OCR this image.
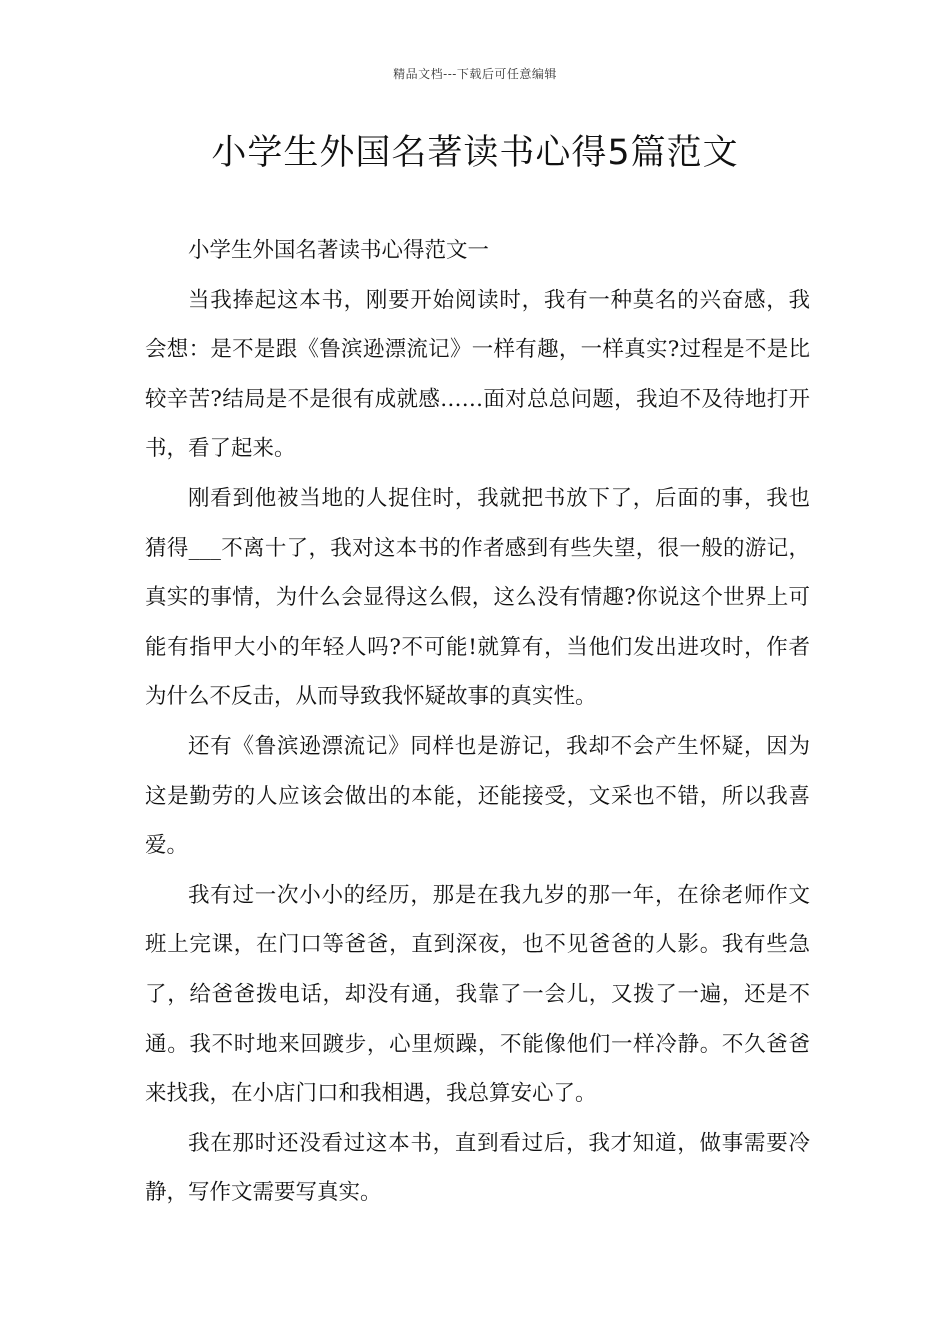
精品文档---下载后可任意编辑
小学生外国名著读书心得5篇范文

小学生外国名著读书心得范文一

当我捧起这本书，刚要开始阅读时，我有一种莫名的兴奋感，我会想：是不是跟《鲁滨逊漂流记》一样有趣，一样真实?过程是不是比较辛苦?结局是不是很有成就感……面对总总问题，我迫不及待地打开书，看了起来。

刚看到他被当地的人捉住时，我就把书放下了，后面的事，我也猜得___不离十了，我对这本书的作者感到有些失望，很一般的游记，真实的事情，为什么会显得这么假，这么没有情趣?你说这个世界上可能有指甲大小的年轻人吗?不可能!就算有，当他们发出进攻时，作者为什么不反击，从而导致我怀疑故事的真实性。

还有《鲁滨逊漂流记》同样也是游记，我却不会产生怀疑，因为这是勤劳的人应该会做出的本能，还能接受，文采也不错，所以我喜爱。

我有过一次小小的经历，那是在我九岁的那一年，在徐老师作文班上完课，在门口等爸爸，直到深夜，也不见爸爸的人影。我有些急了，给爸爸拨电话，却没有通，我靠了一会儿，又拨了一遍，还是不通。我不时地来回踱步，心里烦躁，不能像他们一样冷静。不久爸爸来找我，在小店门口和我相遇，我总算安心了。

我在那时还没看过这本书，直到看过后，我才知道，做事需要冷静，写作文需要写真实。
